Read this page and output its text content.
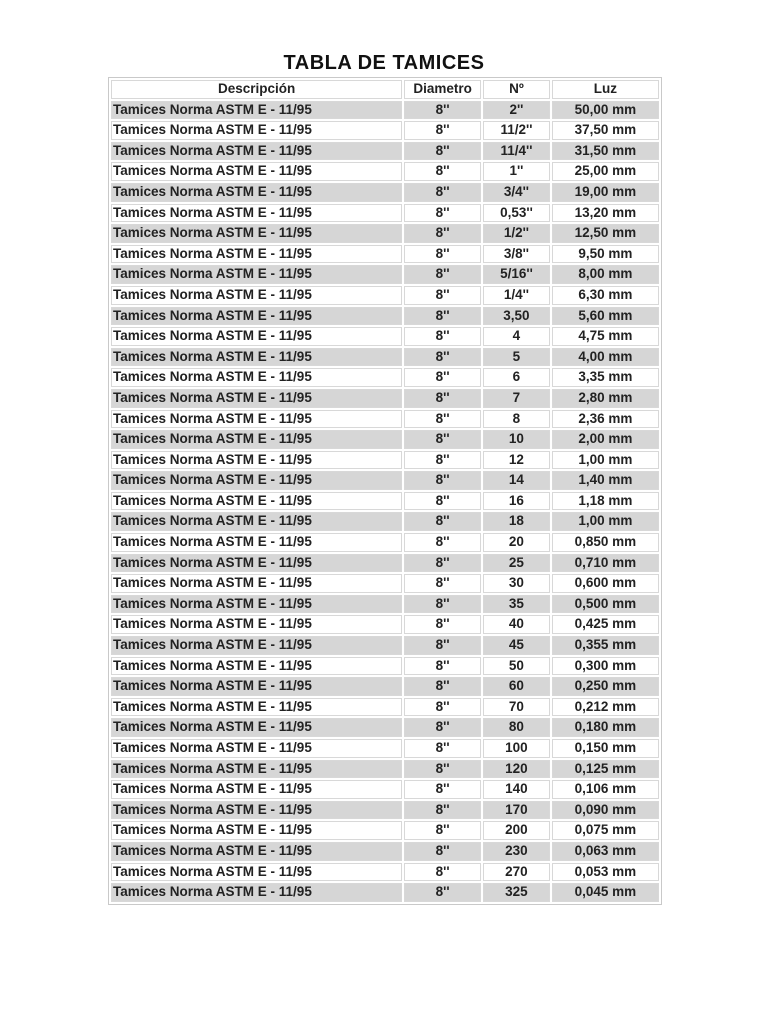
TABLA DE TAMICES
Descripción	Diametro	Nº	Luz
Tamices Norma ASTM E - 11/95	8''	2''	50,00 mm
Tamices Norma ASTM E - 11/95	8''	11/2''	37,50 mm
Tamices Norma ASTM E - 11/95	8''	11/4''	31,50 mm
Tamices Norma ASTM E - 11/95	8''	1''	25,00 mm
Tamices Norma ASTM E - 11/95	8''	3/4''	19,00 mm
Tamices Norma ASTM E - 11/95	8''	0,53''	13,20 mm
Tamices Norma ASTM E - 11/95	8''	1/2''	12,50 mm
Tamices Norma ASTM E - 11/95	8''	3/8''	9,50 mm
Tamices Norma ASTM E - 11/95	8''	5/16''	8,00 mm
Tamices Norma ASTM E - 11/95	8''	1/4''	6,30 mm
Tamices Norma ASTM E - 11/95	8''	3,50	5,60 mm
Tamices Norma ASTM E - 11/95	8''	4	4,75 mm
Tamices Norma ASTM E - 11/95	8''	5	4,00 mm
Tamices Norma ASTM E - 11/95	8''	6	3,35 mm
Tamices Norma ASTM E - 11/95	8''	7	2,80 mm
Tamices Norma ASTM E - 11/95	8''	8	2,36 mm
Tamices Norma ASTM E - 11/95	8''	10	2,00 mm
Tamices Norma ASTM E - 11/95	8''	12	1,00 mm
Tamices Norma ASTM E - 11/95	8''	14	1,40 mm
Tamices Norma ASTM E - 11/95	8''	16	1,18 mm
Tamices Norma ASTM E - 11/95	8''	18	1,00 mm
Tamices Norma ASTM E - 11/95	8''	20	0,850 mm
Tamices Norma ASTM E - 11/95	8''	25	0,710 mm
Tamices Norma ASTM E - 11/95	8''	30	0,600 mm
Tamices Norma ASTM E - 11/95	8''	35	0,500 mm
Tamices Norma ASTM E - 11/95	8''	40	0,425 mm
Tamices Norma ASTM E - 11/95	8''	45	0,355 mm
Tamices Norma ASTM E - 11/95	8''	50	0,300 mm
Tamices Norma ASTM E - 11/95	8''	60	0,250 mm
Tamices Norma ASTM E - 11/95	8''	70	0,212 mm
Tamices Norma ASTM E - 11/95	8''	80	0,180 mm
Tamices Norma ASTM E - 11/95	8''	100	0,150 mm
Tamices Norma ASTM E - 11/95	8''	120	0,125 mm
Tamices Norma ASTM E - 11/95	8''	140	0,106 mm
Tamices Norma ASTM E - 11/95	8''	170	0,090 mm
Tamices Norma ASTM E - 11/95	8''	200	0,075 mm
Tamices Norma ASTM E - 11/95	8''	230	0,063 mm
Tamices Norma ASTM E - 11/95	8''	270	0,053 mm
Tamices Norma ASTM E - 11/95	8''	325	0,045 mm
